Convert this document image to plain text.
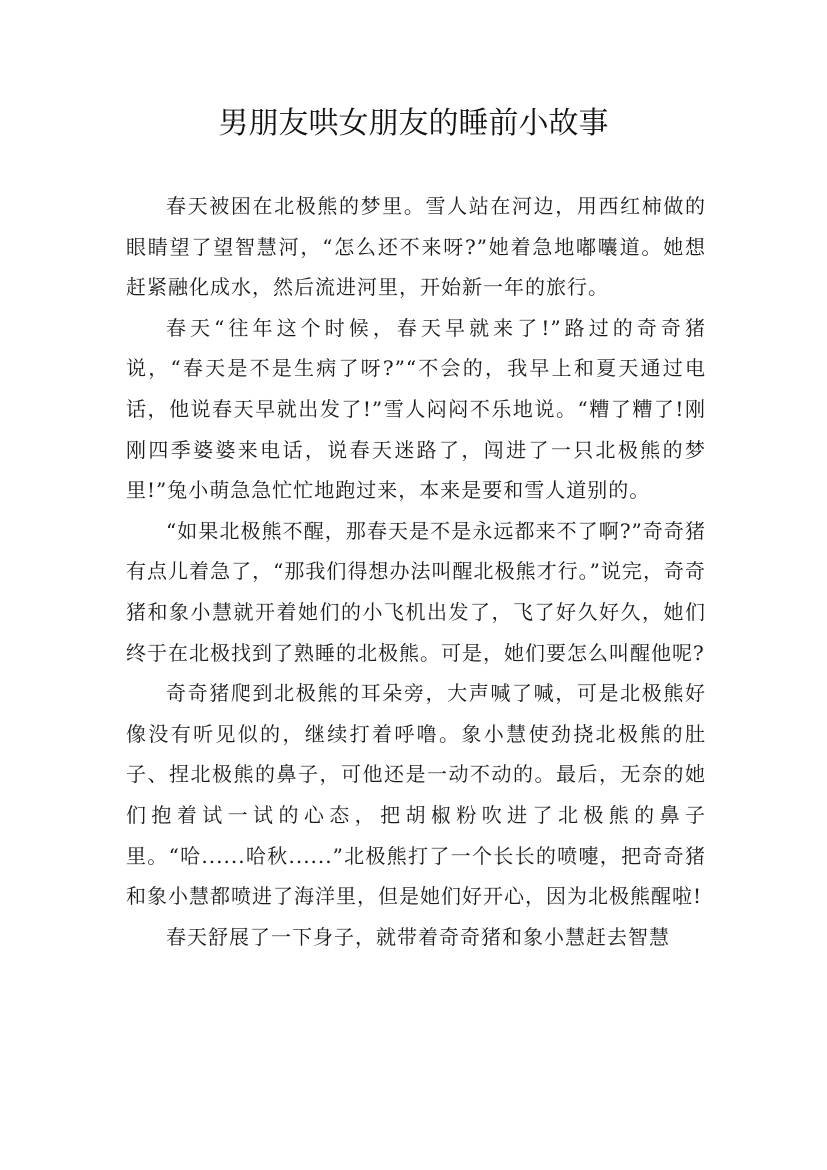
男朋友哄女朋友的睡前小故事

春天被困在北极熊的梦里。雪人站在河边，用西红柿做的眼睛望了望智慧河，“怎么还不来呀?”她着急地嘟囔道。她想赶紧融化成水，然后流进河里，开始新一年的旅行。

春天“往年这个时候，春天早就来了!”路过的奇奇猪说，“春天是不是生病了呀?”“不会的，我早上和夏天通过电话，他说春天早就出发了!”雪人闷闷不乐地说。“糟了糟了!刚刚四季婆婆来电话，说春天迷路了，闯进了一只北极熊的梦里!”兔小萌急急忙忙地跑过来，本来是要和雪人道别的。

“如果北极熊不醒，那春天是不是永远都来不了啊?”奇奇猪有点儿着急了，“那我们得想办法叫醒北极熊才行。”说完，奇奇猪和象小慧就开着她们的小飞机出发了，飞了好久好久，她们终于在北极找到了熟睡的北极熊。可是，她们要怎么叫醒他呢?

奇奇猪爬到北极熊的耳朵旁，大声喊了喊，可是北极熊好像没有听见似的，继续打着呼噜。象小慧使劲挠北极熊的肚子、捏北极熊的鼻子，可他还是一动不动的。最后，无奈的她们抱着试一试的心态，把胡椒粉吹进了北极熊的鼻子里。“哈......哈秋......”北极熊打了一个长长的喷嚏，把奇奇猪和象小慧都喷进了海洋里，但是她们好开心，因为北极熊醒啦!

春天舒展了一下身子，就带着奇奇猪和象小慧赶去智慧
